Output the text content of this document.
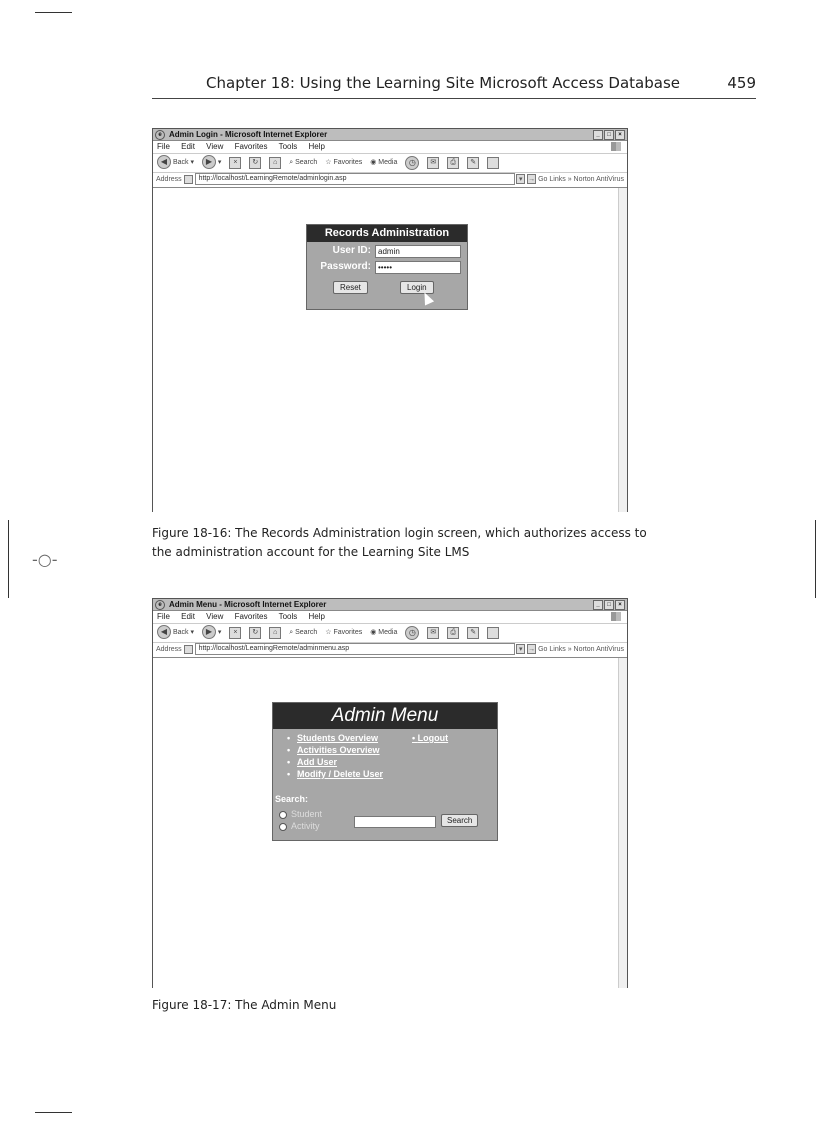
-○-
Chapter 18: Using the Learning Site Microsoft Access Database	459
e Admin Login - Microsoft Internet Explorer	_ □ ×
File Edit View Favorites Tools Help
◀ Back ▾ ▶ ▾ × ↻ ⌂ ⌕ Search ☆ Favorites ◉ Media ◷ ✉ ⎙ ✎
Address http://localhost/LearningRemote/adminlogin.asp	▾ → Go Links » Norton AntiVirus
Records Administration
User ID: admin
Password: •••••
Reset	Login
Figure 18-16: The Records Administration login screen, which authorizes access to the administration account for the Learning Site LMS
e Admin Menu - Microsoft Internet Explorer	_ □ ×
File Edit View Favorites Tools Help
◀ Back ▾ ▶ ▾ × ↻ ⌂ ⌕ Search ☆ Favorites ◉ Media ◷ ✉ ⎙ ✎
Address http://localhost/LearningRemote/adminmenu.asp	▾ → Go Links » Norton AntiVirus
Admin Menu
• Students Overview
• Activities Overview
• Add User
• Modify / Delete User
• Logout
Search:
Student
Activity
Search
Figure 18-17: The Admin Menu
